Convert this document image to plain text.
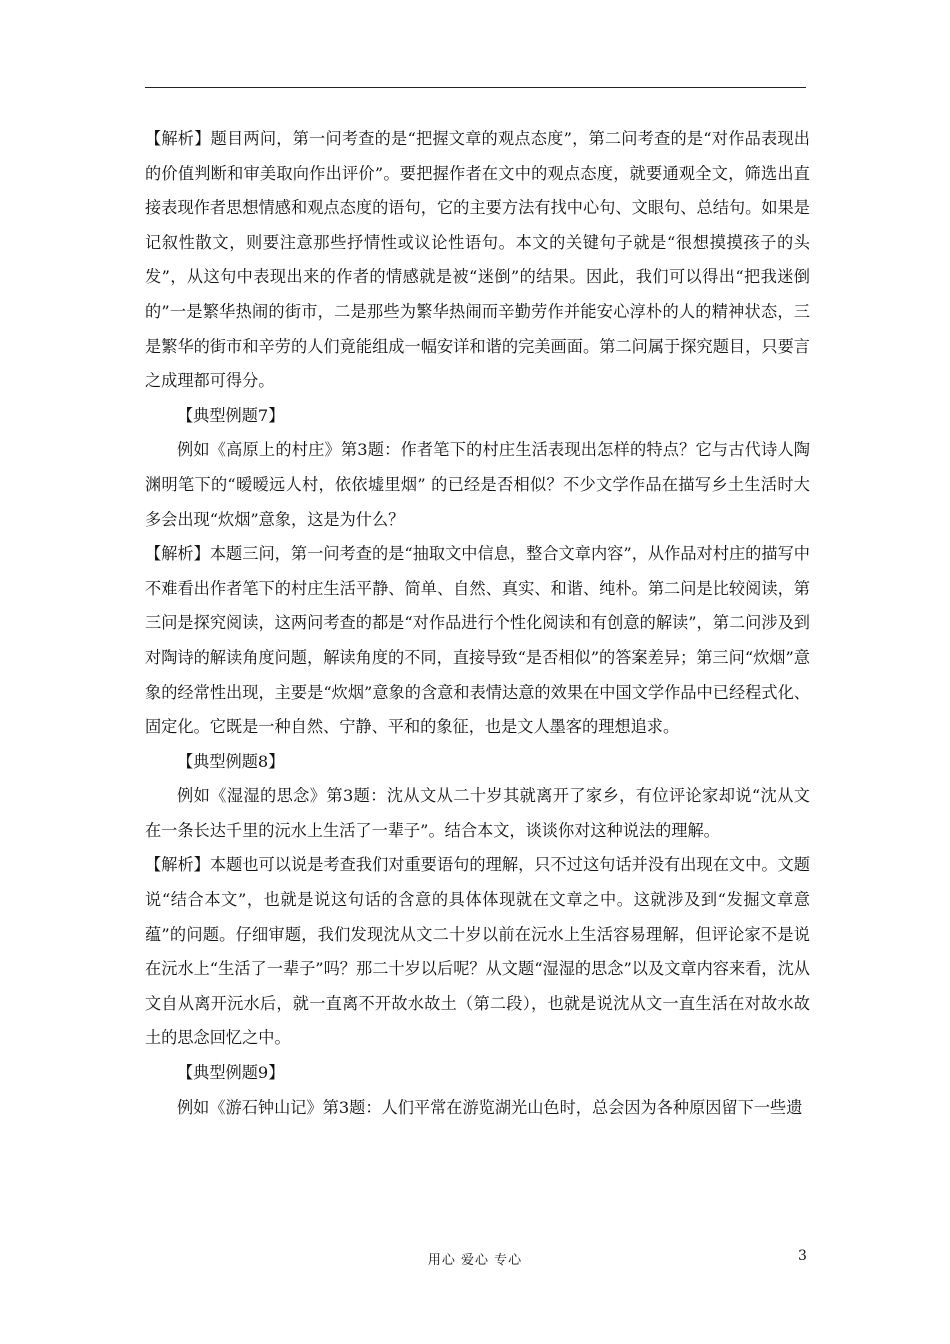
【解析】题目两问，第一问考查的是“把握文章的观点态度”，第二问考查的是“对作品表现出的价值判断和审美取向作出评价”。要把握作者在文中的观点态度，就要通观全文，筛选出直接表现作者思想情感和观点态度的语句，它的主要方法有找中心句、文眼句、总结句。如果是记叙性散文，则要注意那些抒情性或议论性语句。本文的关键句子就是“很想摸摸孩子的头发”，从这句中表现出来的作者的情感就是被“迷倒”的结果。因此，我们可以得出“把我迷倒的”一是繁华热闹的街市，二是那些为繁华热闹而辛勤劳作并能安心淳朴的人的精神状态，三是繁华的街市和辛劳的人们竟能组成一幅安详和谐的完美画面。第二问属于探究题目，只要言之成理都可得分。

【典型例题7】

例如《高原上的村庄》第3题：作者笔下的村庄生活表现出怎样的特点？它与古代诗人陶渊明笔下的“暧暧远人村，依依墟里烟” 的已经是否相似？不少文学作品在描写乡土生活时大多会出现“炊烟”意象，这是为什么？

【解析】本题三问，第一问考查的是“抽取文中信息，整合文章内容”，从作品对村庄的描写中不难看出作者笔下的村庄生活平静、简单、自然、真实、和谐、纯朴。第二问是比较阅读，第三问是探究阅读，这两问考查的都是“对作品进行个性化阅读和有创意的解读”，第二问涉及到对陶诗的解读角度问题，解读角度的不同，直接导致“是否相似”的答案差异；第三问“炊烟”意象的经常性出现，主要是“炊烟”意象的含意和表情达意的效果在中国文学作品中已经程式化、固定化。它既是一种自然、宁静、平和的象征，也是文人墨客的理想追求。

【典型例题8】

例如《湿湿的思念》第3题：沈从文从二十岁其就离开了家乡，有位评论家却说“沈从文在一条长达千里的沅水上生活了一辈子”。结合本文，谈谈你对这种说法的理解。

【解析】本题也可以说是考查我们对重要语句的理解，只不过这句话并没有出现在文中。文题说“结合本文”，也就是说这句话的含意的具体体现就在文章之中。这就涉及到“发掘文章意蕴”的问题。仔细审题，我们发现沈从文二十岁以前在沅水上生活容易理解，但评论家不是说在沅水上“生活了一辈子”吗？那二十岁以后呢？从文题“湿湿的思念”以及文章内容来看，沈从文自从离开沅水后，就一直离不开故水故土（第二段），也就是说沈从文一直生活在对故水故土的思念回忆之中。

【典型例题9】

例如《游石钟山记》第3题：人们平常在游览湖光山色时，总会因为各种原因留下一些遗

用心 爱心 专心	3
